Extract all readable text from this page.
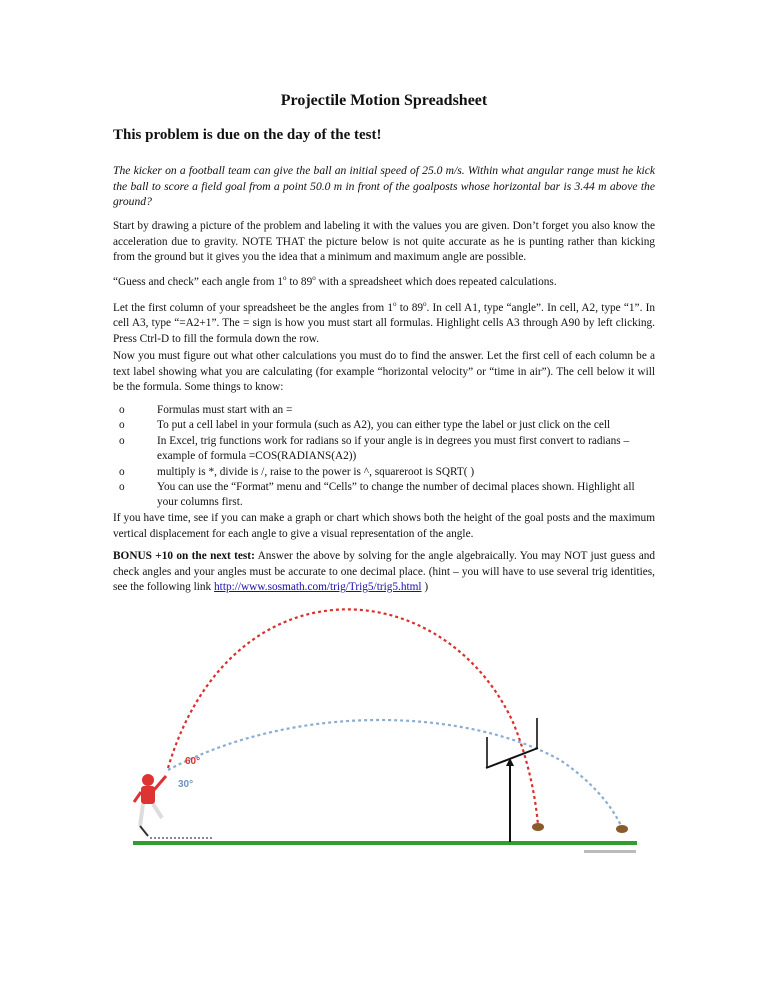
Projectile Motion Spreadsheet
This problem is due on the day of the test!

The kicker on a football team can give the ball an initial speed of 25.0 m/s. Within what angular range must he kick the ball to score a field goal from a point 50.0 m in front of the goalposts whose horizontal bar is 3.44 m above the ground?

Start by drawing a picture of the problem and labeling it with the values you are given. Don’t forget you also know the acceleration due to gravity. NOTE THAT the picture below is not quite accurate as he is punting rather than kicking from the ground but it gives you the idea that a minimum and maximum angle are possible.

“Guess and check” each angle from 1$^o$ to 89$^o$ with a spreadsheet which does repeated calculations.

Let the first column of your spreadsheet be the angles from 1$^o$ to 89$^o$. In cell A1, type “angle”. In cell, A2, type “1”. In cell A3, type “=A2+1”. The = sign is how you must start all formulas. Highlight cells A3 through A90 by left clicking. Press Ctrl-D to fill the formula down the row.

Now you must figure out what other calculations you must do to find the answer. Let the first cell of each column be a text label showing what you are calculating (for example “horizontal velocity” or “time in air”). The cell below it will be the formula. Some things to know:

o	Formulas must start with an =
o	To put a cell label in your formula (such as A2), you can either type the label or just click on the cell
o	In Excel, trig functions work for radians so if your angle is in degrees you must first convert to radians – example of formula =COS(RADIANS(A2))
o	multiply is *, divide is /, raise to the power is ^, squareroot is SQRT( )
o	You can use the “Format” menu and “Cells” to change the number of decimal places shown. Highlight all your columns first.

If you have time, see if you can make a graph or chart which shows both the height of the goal posts and the maximum vertical displacement for each angle to give a visual representation of the angle.

BONUS +10 on the next test: Answer the above by solving for the angle algebraically. You may NOT just guess and check angles and your angles must be accurate to one decimal place. (hint – you will have to use several trig identities, see the following link http://www.sosmath.com/trig/Trig5/trig5.html )

60°
30°
